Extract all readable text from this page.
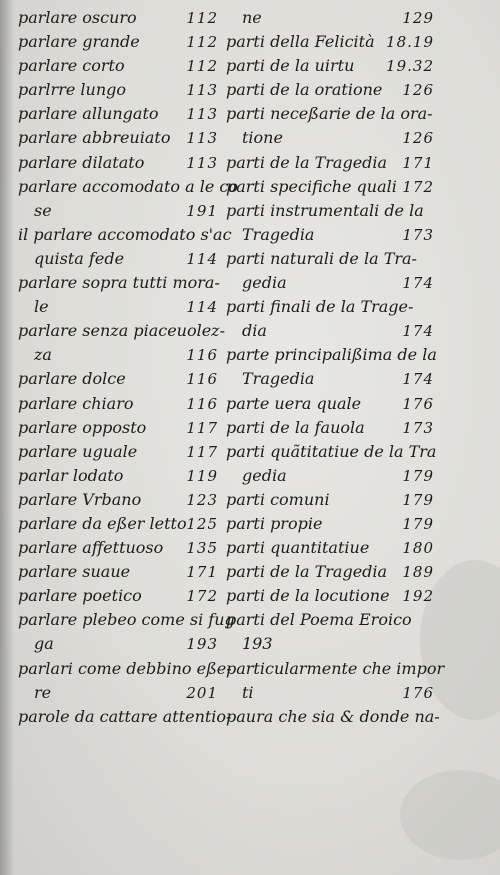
parlare oscuro	112
parlare grande	112
parlare corto	112
parlrre lungo	113
parlare allungato 113
parlare abbreuiato 113
parlare dilatato	113
parlare accomodato a le co
se	191
il parlare accomodato s'ac
quista fede	114
parlare sopra tutti mora-
le	114
parlare senza piaceuolez-
za	116
parlare dolce	116
parlare chiaro	116
parlare opposto	117
parlare uguale	117
parlar lodato	119
parlare Vrbano	123
parlare da eßer letto 125
parlare affettuoso 135
parlare suaue	171
parlare poetico	172
parlare plebeo come si fug
ga	193
parlari come debbino eße-
re	201
parole da cattare attentio-
ne	129
parti della Felicità 18.19
parti de la uirtu 19.32
parti de la oratione 126
parti neceßarie de la ora-
tione	126
parti de la Tragedia 171
parti specifiche quali 172
parti instrumentali de la
Tragedia	173
parti naturali de la Tra-
gedia	174
parti finali de la Trage-
dia	174
parte principalißima de la
Tragedia	174
parte uera quale	176
parti de la fauola	173
parti quãtitatiue de la Tra
gedia	179
parti comuni	179
parti propie	179
parti quantitatiue 180
parti de la Tragedia 189
parti de la locutione 192
parti del Poema Eroico
193
particularmente che impor
ti	176
paura che sia & donde na-
